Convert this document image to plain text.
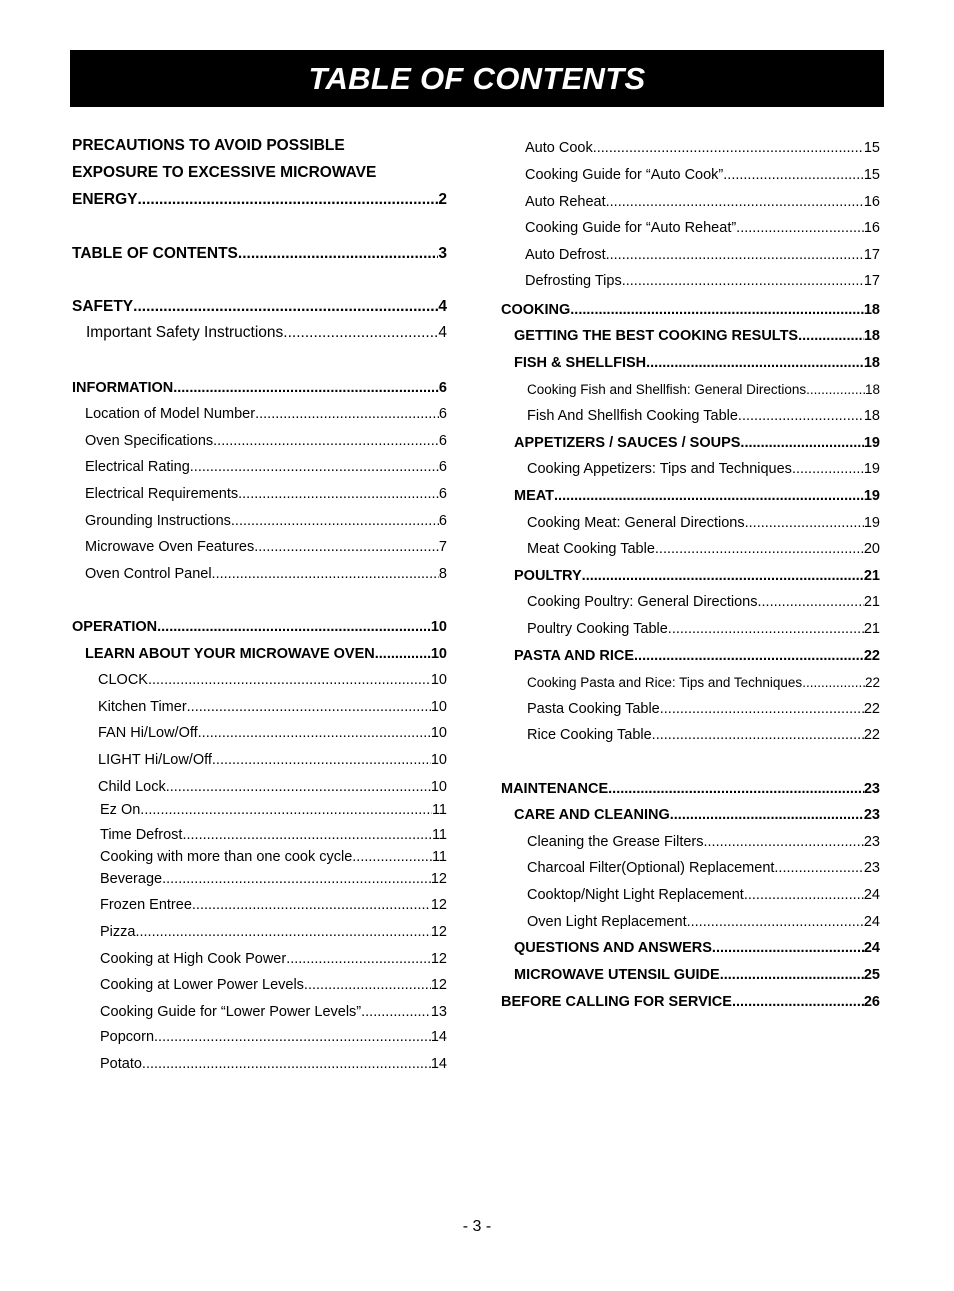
TABLE OF CONTENTS
PRECAUTIONS TO AVOID POSSIBLE
EXPOSURE TO EXCESSIVE MICROWAVE
ENERGY .....	2
TABLE OF CONTENTS .....	3
SAFETY .....	4
Important Safety Instructions .....	4
INFORMATION .....	6
Location of Model Number .....	6
Oven Specifications .....	6
Electrical Rating .....	6
Electrical Requirements .....	6
Grounding Instructions .....	6
Microwave Oven Features .....	7
Oven Control Panel .....	8
OPERATION .....	10
LEARN ABOUT YOUR MICROWAVE OVEN .....	10
CLOCK .....	10
Kitchen Timer .....	10
FAN Hi/Low/Off .....	10
LIGHT Hi/Low/Off .....	10
Child Lock .....	10
Ez On .....	11
Time Defrost .....	11
Cooking with more than one cook cycle .....	11
Beverage .....	12
Frozen Entree .....	12
Pizza .....	12
Cooking at High Cook Power .....	12
Cooking at Lower Power Levels .....	12
Cooking Guide for “Lower Power Levels” .....	13
Popcorn .....	14
Potato .....	14
Auto Cook .....	15
Cooking Guide for “Auto Cook” .....	15
Auto Reheat .....	16
Cooking Guide for “Auto Reheat” .....	16
Auto Defrost .....	17
Defrosting Tips .....	17
COOKING .....	18
GETTING THE BEST COOKING RESULTS .....	18
FISH & SHELLFISH .....	18
Cooking Fish and Shellfish: General Directions .....	18
Fish And Shellfish Cooking Table .....	18
APPETIZERS / SAUCES / SOUPS .....	19
Cooking Appetizers: Tips and Techniques .....	19
MEAT .....	19
Cooking Meat: General Directions .....	19
Meat Cooking Table .....	20
POULTRY .....	21
Cooking Poultry: General Directions .....	21
Poultry Cooking Table .....	21
PASTA AND RICE .....	22
Cooking Pasta and Rice: Tips and Techniques .....	22
Pasta Cooking Table .....	22
Rice Cooking Table .....	22
MAINTENANCE .....	23
CARE AND CLEANING .....	23
Cleaning the Grease Filters .....	23
Charcoal Filter(Optional) Replacement .....	23
Cooktop/Night Light Replacement .....	24
Oven Light Replacement .....	24
QUESTIONS AND ANSWERS .....	24
MICROWAVE UTENSIL GUIDE .....	25
BEFORE CALLING FOR SERVICE .....	26
- 3 -
